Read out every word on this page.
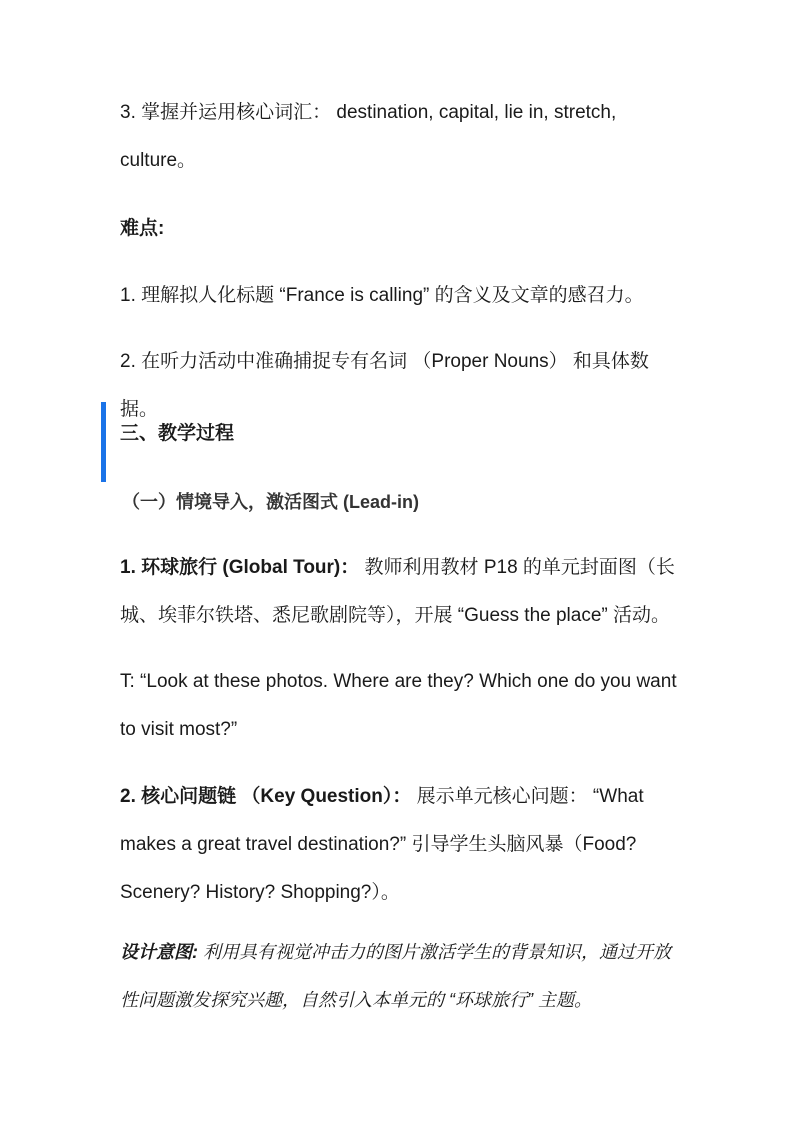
3. 掌握并运用核心词汇： destination, capital, lie in, stretch, culture。

难点:

1. 理解拟人化标题 “France is calling” 的含义及文章的感召力。

2. 在听力活动中准确捕捉专有名词 （Proper Nouns） 和具体数据。

三、教学过程
（一）情境导入，激活图式 (Lead-in)

1. 环球旅行 (Global Tour)： 教师利用教材 P18 的单元封面图（长城、埃菲尔铁塔、悉尼歌剧院等），开展 “Guess the place” 活动。

T: “Look at these photos. Where are they? Which one do you want to visit most?”

2. 核心问题链 （Key Question）： 展示单元核心问题： “What makes a great travel destination?” 引导学生头脑风暴（Food? Scenery? History? Shopping?）。

设计意图: 利用具有视觉冲击力的图片激活学生的背景知识，通过开放性问题激发探究兴趣，自然引入本单元的 “环球旅行” 主题。
